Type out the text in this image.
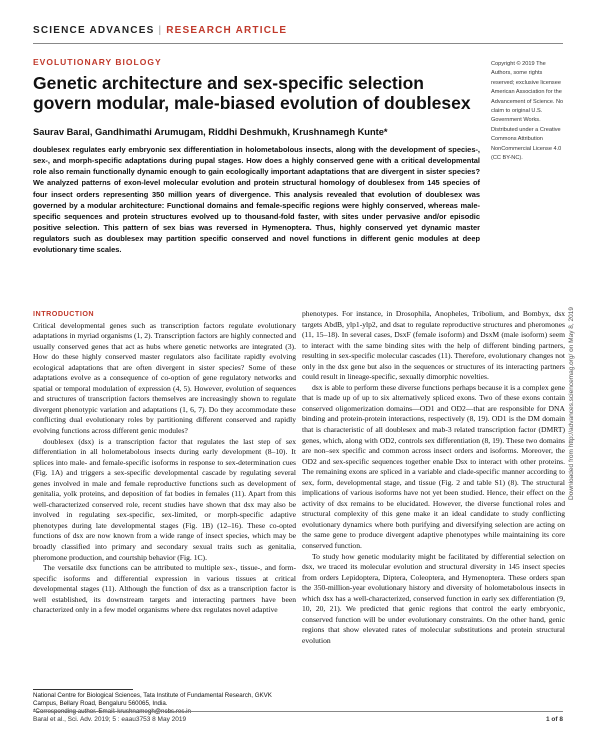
SCIENCE ADVANCES | RESEARCH ARTICLE
EVOLUTIONARY BIOLOGY
Genetic architecture and sex-specific selection govern modular, male-biased evolution of doublesex
Saurav Baral, Gandhimathi Arumugam, Riddhi Deshmukh, Krushnamegh Kunte*
doublesex regulates early embryonic sex differentiation in holometabolous insects, along with the development of species-, sex-, and morph-specific adaptations during pupal stages. How does a highly conserved gene with a critical developmental role also remain functionally dynamic enough to gain ecologically important adaptations that are divergent in sister species? We analyzed patterns of exon-level molecular evolution and protein structural homology of doublesex from 145 species of four insect orders representing 350 million years of divergence. This analysis revealed that evolution of doublesex was governed by a modular architecture: Functional domains and female-specific regions were highly conserved, whereas male-specific sequences and protein structures evolved up to thousand-fold faster, with sites under pervasive and/or episodic positive selection. This pattern of sex bias was reversed in Hymenoptera. Thus, highly conserved yet dynamic master regulators such as doublesex may partition specific conserved and novel functions in different genic modules at deep evolutionary time scales.
Copyright © 2019 The Authors, some rights reserved; exclusive licensee American Association for the Advancement of Science. No claim to original U.S. Government Works. Distributed under a Creative Commons Attribution NonCommercial License 4.0 (CC BY-NC).
Downloaded from http://advances.sciencemag.org/ on May 8, 2019
INTRODUCTION

Critical developmental genes such as transcription factors regulate evolutionary adaptations in myriad organisms (1, 2). Transcription factors are highly connected and usually conserved genes that act as hubs where genetic networks are integrated (3). How do these highly conserved master regulators also facilitate rapidly evolving ecological adaptations that are often divergent in sister species? Some of these adaptations evolve as a consequence of co-option of gene regulatory networks and spatial or temporal modulation of expression (4, 5). However, evolution of sequences and structures of transcription factors themselves are increasingly shown to regulate divergent phenotypic variation and adaptations (1, 6, 7). Do they accommodate these conflicting dual evolutionary roles by partitioning different conserved and rapidly evolving functions across different genic modules?

doublesex (dsx) is a transcription factor that regulates the last step of sex differentiation in all holometabolous insects during early development (8–10). It splices into male- and female-specific isoforms in response to sex-determination cues (Fig. 1A) and triggers a sex-specific developmental cascade by regulating several genes involved in male and female reproductive functions such as development of genitalia, yolk proteins, and deposition of fat bodies in females (11). Apart from this well-characterized conserved role, recent studies have shown that dsx may also be involved in regulating sex-specific, sex-limited, or morph-specific adaptive phenotypes during late developmental stages (Fig. 1B) (12–16). These co-opted functions of dsx are now known from a wide range of insect species, which may be broadly classified into primary and secondary sexual traits such as genitalia, pheromone production, and courtship behavior (Fig. 1C).

The versatile dsx functions can be attributed to multiple sex-, tissue-, and form-specific isoforms and differential expression in various tissues at critical developmental stages (11). Although the function of dsx as a transcription factor is well established, its downstream targets and interacting partners have been characterized only in a few model organisms where dsx regulates novel adaptive

phenotypes. For instance, in Drosophila, Anopheles, Tribolium, and Bombyx, dsx targets AbdB, ylp1-ylp2, and dsat to regulate reproductive structures and pheromones (11, 15–18). In several cases, DsxF (female isoform) and DsxM (male isoform) seem to interact with the same binding sites with the help of different binding partners, resulting in sex-specific molecular cascades (11). Therefore, evolutionary changes not only in the dsx gene but also in the sequences or structures of its interacting partners could result in lineage-specific, sexually dimorphic novelties.

dsx is able to perform these diverse functions perhaps because it is a complex gene that is made up of up to six alternatively spliced exons. Two of these exons contain conserved oligomerization domains—OD1 and OD2—that are responsible for DNA binding and protein-protein interactions, respectively (8, 19). OD1 is the DM domain that is characteristic of all doublesex and mab-3 related transcription factor (DMRT) genes, which, along with OD2, controls sex differentiation (8, 19). These two domains are non–sex specific and common across insect orders and isoforms. Moreover, the OD2 and sex-specific sequences together enable Dsx to interact with other proteins. The remaining exons are spliced in a variable and clade-specific manner according to sex, form, developmental stage, and tissue (Fig. 2 and table S1) (8). The structural implications of various isoforms have not yet been studied. Hence, their effect on the activity of dsx remains to be elucidated. However, the diverse functional roles and structural complexity of this gene make it an ideal candidate to study conflicting evolutionary dynamics where both purifying and diversifying selection are acting on the same gene to produce divergent adaptive phenotypes while maintaining its core conserved function.

To study how genetic modularity might be facilitated by differential selection on dsx, we traced its molecular evolution and structural diversity in 145 insect species from orders Lepidoptera, Diptera, Coleoptera, and Hymenoptera. These orders span the 350-million-year evolutionary history and diversity of holometabolous insects in which dsx has a well-characterized, conserved function in early sex differentiation (9, 10, 20, 21). We predicted that genic regions that control the early embryonic, conserved function will be under evolutionary constraints. On the other hand, genic regions that show elevated rates of molecular substitutions and protein structural evolution

National Centre for Biological Sciences, Tata Institute of Fundamental Research, GKVK Campus, Bellary Road, Bengaluru 560065, India.
Baral et al., Sci. Adv. 2019; 5 : eaau3753 8 May 2019	1 of 8
